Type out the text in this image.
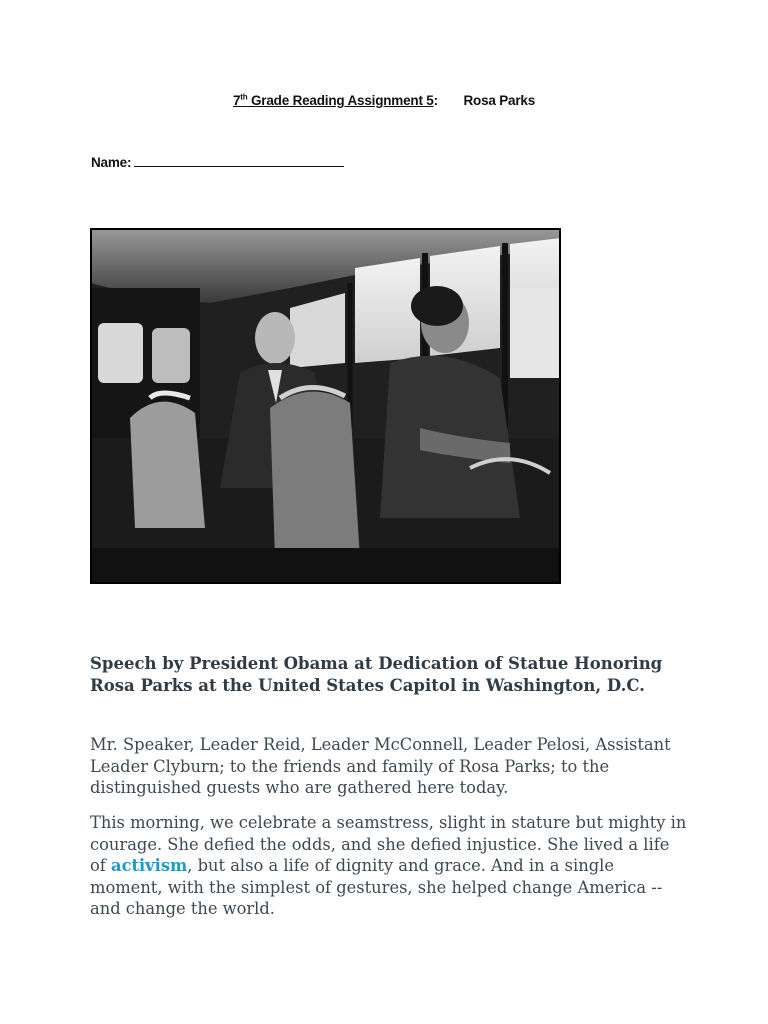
7th Grade Reading Assignment 5: Rosa Parks
Name:
Speech by President Obama at Dedication of Statue Honoring Rosa Parks at the United States Capitol in Washington, D.C.
Mr. Speaker, Leader Reid, Leader McConnell, Leader Pelosi, Assistant Leader Clyburn; to the friends and family of Rosa Parks; to the distinguished guests who are gathered here today.
This morning, we celebrate a seamstress, slight in stature but mighty in courage. She defied the odds, and she defied injustice. She lived a life of activism, but also a life of dignity and grace. And in a single moment, with the simplest of gestures, she helped change America -- and change the world.
